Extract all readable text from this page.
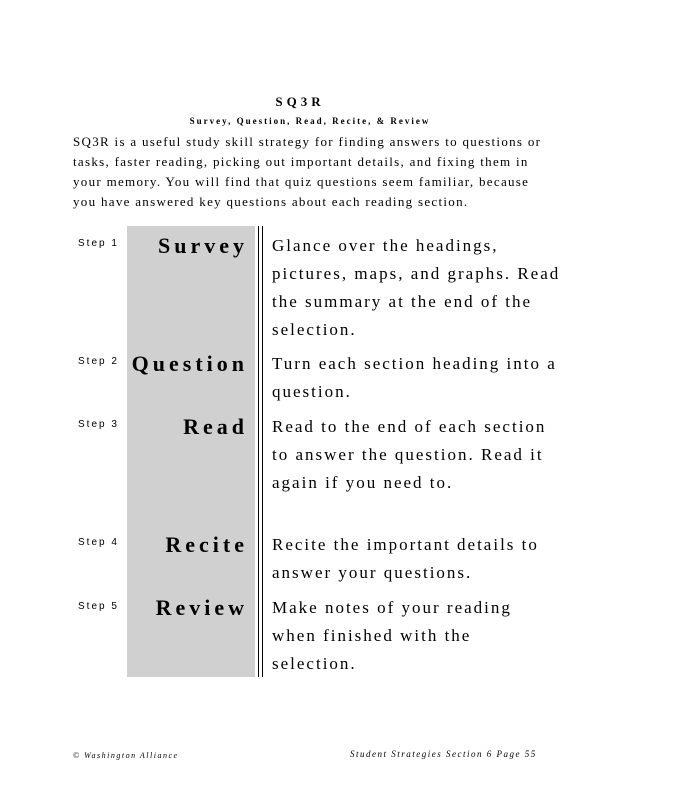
SQ3R
Survey, Question, Read, Recite, & Review
SQ3R is a useful study skill strategy for finding answers to questions or tasks, faster reading, picking out important details, and fixing them in your memory. You will find that quiz questions seem familiar, because you have answered key questions about each reading section.
Step 1 Survey Glance over the headings, pictures, maps, and graphs. Read the summary at the end of the selection.
Step 2 Question Turn each section heading into a question.
Step 3	Read Read to the end of each section to answer the question. Read it again if you need to.
Step 4 Recite Recite the important details to answer your questions.
Step 5 Review Make notes of your reading when finished with the selection.
© Washington Alliance	Student Strategies Section 6 Page 55
